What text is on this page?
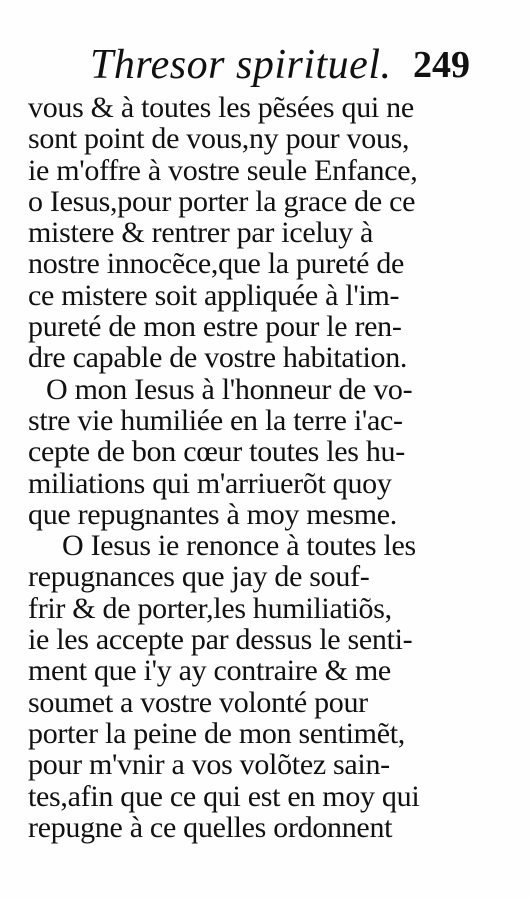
Thresor spirituel. 249
vous & à toutes les pẽsées qui ne
sont point de vous,ny pour vous,
ie m'offre à vostre seule Enfance,
o Iesus,pour porter la grace de ce
mistere & rentrer par iceluy à
nostre innocẽce,que la pureté de
ce mistere soit appliquée à l'im-
pureté de mon estre pour le ren-
dre capable de vostre habitation.
O mon Iesus à l'honneur de vo-
stre vie humiliée en la terre i'ac-
cepte de bon cœur toutes les hu-
miliations qui m'arriuerõt quoy
que repugnantes à moy mesme.
O Iesus ie renonce à toutes les
repugnances que jay de souf-
frir & de porter,les humiliatiõs,
ie les accepte par dessus le senti-
ment que i'y ay contraire & me
soumet a vostre volonté pour
porter la peine de mon sentimẽt,
pour m'vnir a vos volõtez sain-
tes,afin que ce qui est en moy qui
repugne à ce quelles ordonnent
